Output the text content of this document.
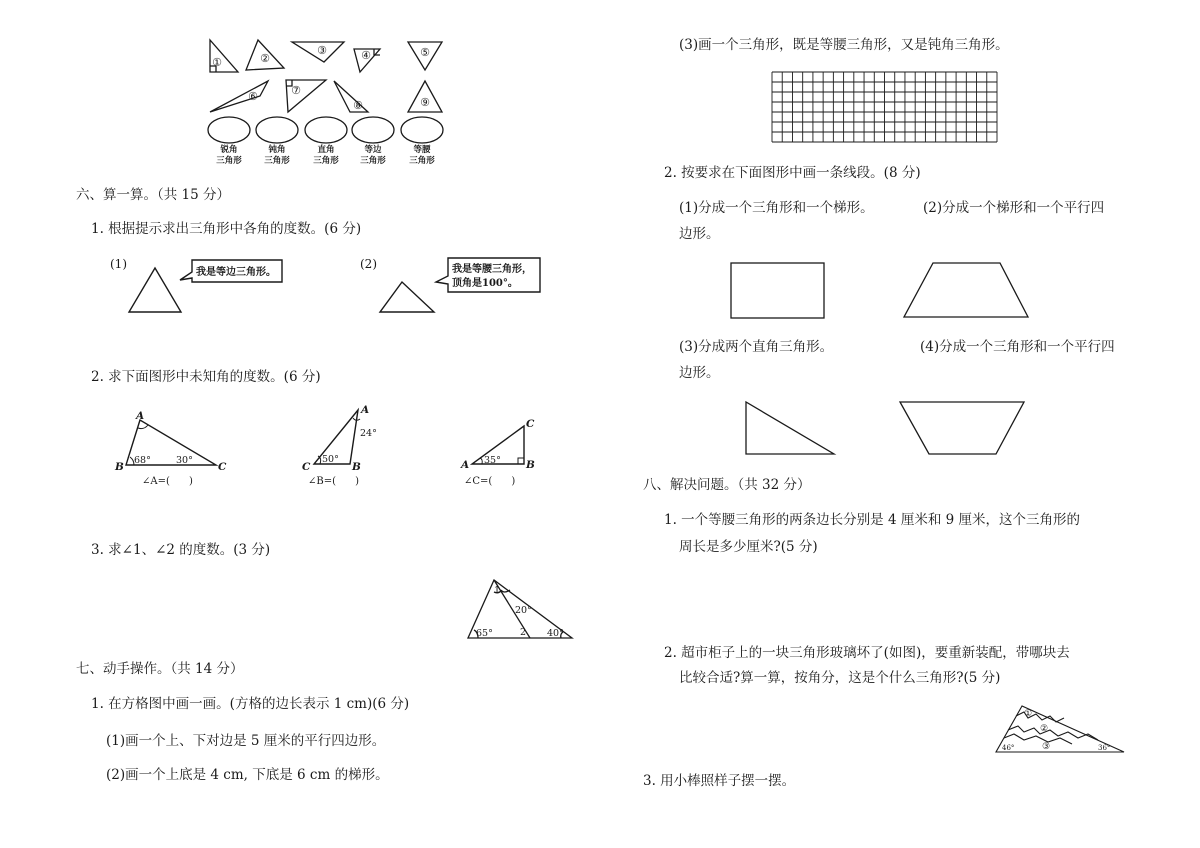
①	②
③	④	⑤
⑥	⑦
⑧	⑨
锐角
三角形
钝角
三角形
直角
三角形
等边
三角形
等腰
三角形
六、算一算。（共 15 分）
1. 根据提示求出三角形中各角的度数。(6 分)
(1)
我是等边三角形。
(2)	我是等腰三角形，
顶角是100°。
2. 求下面图形中未知角的度数。(6 分)
A
B	C
68°	30°
∠A=(      )
A
C	B
24°
50°
∠B=(      )
C
A	B
35°
∠C=(      )
3. 求∠1、∠2 的度数。(3 分)
1
20°
2
65°	40°
七、动手操作。（共 14 分）
1. 在方格图中画一画。(方格的边长表示 1 cm)(6 分)
(1)画一个上、下对边是 5 厘米的平行四边形。
(2)画一个上底是 4 cm, 下底是 6 cm 的梯形。
(3)画一个三角形，既是等腰三角形，又是钝角三角形。
2. 按要求在下面图形中画一条线段。(8 分)
(1)分成一个三角形和一个梯形。	(2)分成一个梯形和一个平行四
边形。
(3)分成两个直角三角形。	(4)分成一个三角形和一个平行四
边形。
八、解决问题。（共 32 分）
1. 一个等腰三角形的两条边长分别是 4 厘米和 9 厘米，这个三角形的
周长是多少厘米?(5 分)
2. 超市柜子上的一块三角形玻璃坏了(如图)，要重新装配，带哪块去
比较合适?算一算，按角分，这是个什么三角形?(5 分)
①
②
③
46°	36°
3. 用小棒照样子摆一摆。
